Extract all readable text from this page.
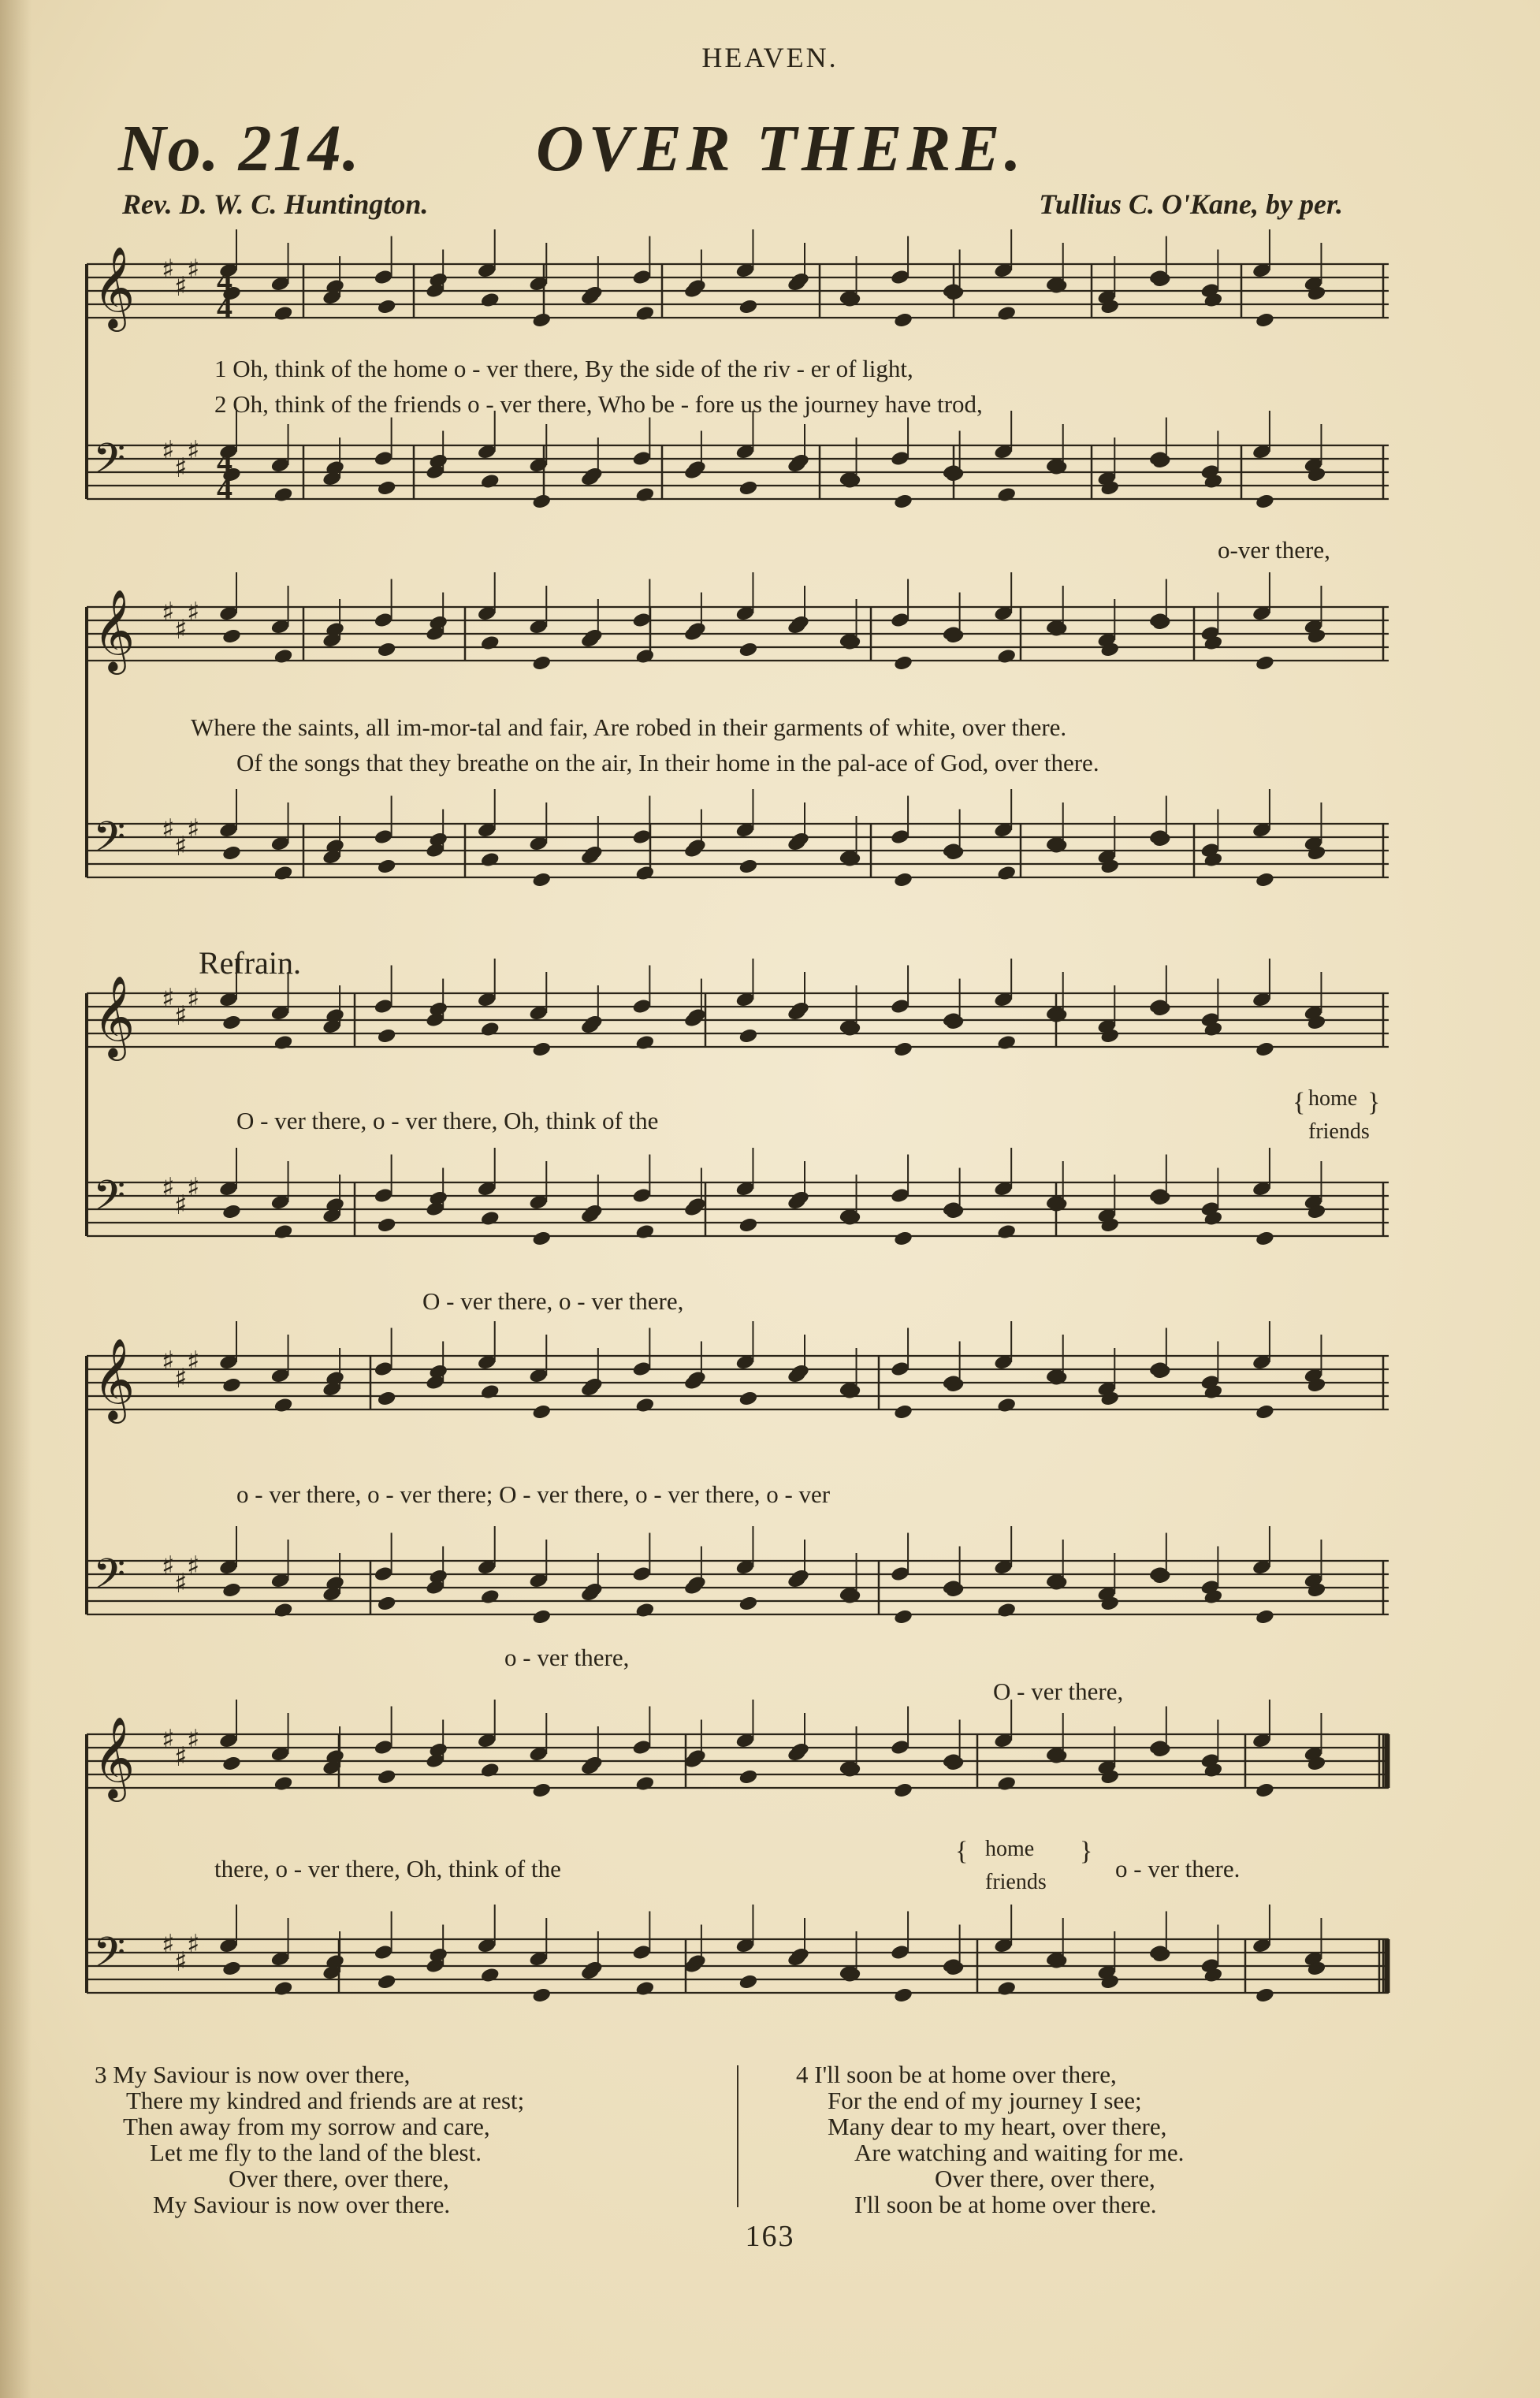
HEAVEN.
No. 214.	OVER THERE.
Rev. D. W. C. Huntington.	Tullius C. O'Kane, by per.
𝄞 ♯
♯
♯
𝄢 ♯
♯
♯
𝄞 ♯
♯
♯
𝄢 ♯
♯
♯
𝄞 ♯
♯
♯
𝄢 ♯
♯
♯
𝄞 ♯
♯
♯
𝄢 ♯
♯
♯
𝄞 ♯
♯
♯
𝄢 ♯
♯
♯
4
4
4
4
1 Oh, think of the home o - ver there, By the side of the riv - er of light,
2 Oh, think of the friends o - ver there, Who be - fore us the journey have trod,
o-ver there,
Where the saints, all im-mor-tal and fair, Are robed in their garments of white, over there.
Of the songs that they breathe on the air, In their home in the pal-ace of God, over there.
Refrain.
O - ver there, o - ver there, Oh, think of the
{ home
friends
}
O - ver there, o - ver there,
o - ver there, o - ver there; O - ver there, o - ver there, o - ver
o - ver there,
O - ver there,
there, o - ver there, Oh, think of the
{ home
friends
}
o - ver there.
3 My Saviour is now over there,
There my kindred and friends are at rest;
Then away from my sorrow and care,
Let me fly to the land of the blest.
Over there, over there,
My Saviour is now over there.
4 I'll soon be at home over there,
For the end of my journey I see;
Many dear to my heart, over there,
Are watching and waiting for me.
Over there, over there,
I'll soon be at home over there.
163
